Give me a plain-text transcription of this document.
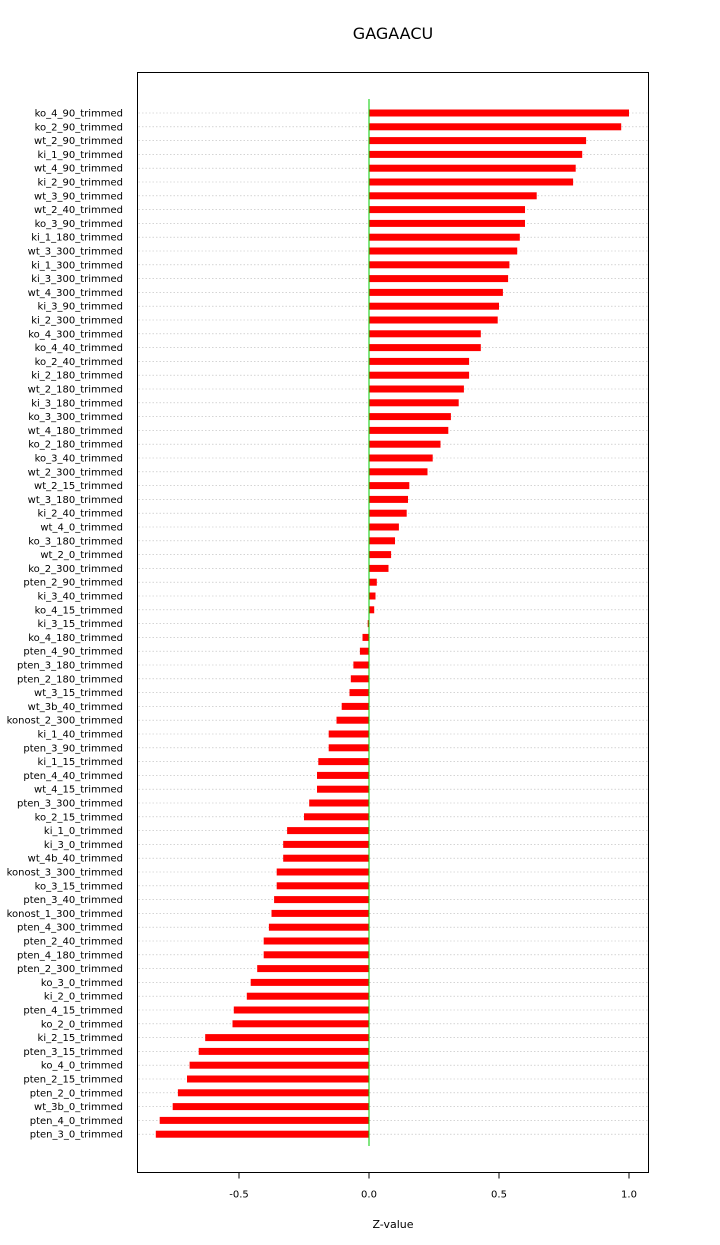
GAGAACU
ko_4_90_trimmed
ko_2_90_trimmed
wt_2_90_trimmed
ki_1_90_trimmed
wt_4_90_trimmed
ki_2_90_trimmed
wt_3_90_trimmed
wt_2_40_trimmed
ko_3_90_trimmed
ki_1_180_trimmed
wt_3_300_trimmed
ki_1_300_trimmed
ki_3_300_trimmed
wt_4_300_trimmed
ki_3_90_trimmed
ki_2_300_trimmed
ko_4_300_trimmed
ko_4_40_trimmed
ko_2_40_trimmed
ki_2_180_trimmed
wt_2_180_trimmed
ki_3_180_trimmed
ko_3_300_trimmed
wt_4_180_trimmed
ko_2_180_trimmed
ko_3_40_trimmed
wt_2_300_trimmed
wt_2_15_trimmed
wt_3_180_trimmed
ki_2_40_trimmed
wt_4_0_trimmed
ko_3_180_trimmed
wt_2_0_trimmed
ko_2_300_trimmed
pten_2_90_trimmed
ki_3_40_trimmed
ko_4_15_trimmed
ki_3_15_trimmed
ko_4_180_trimmed
pten_4_90_trimmed
pten_3_180_trimmed
pten_2_180_trimmed
wt_3_15_trimmed
wt_3b_40_trimmed
konost_2_300_trimmed
ki_1_40_trimmed
pten_3_90_trimmed
ki_1_15_trimmed
pten_4_40_trimmed
wt_4_15_trimmed
pten_3_300_trimmed
ko_2_15_trimmed
ki_1_0_trimmed
ki_3_0_trimmed
wt_4b_40_trimmed
konost_3_300_trimmed
ko_3_15_trimmed
pten_3_40_trimmed
konost_1_300_trimmed
pten_4_300_trimmed
pten_2_40_trimmed
pten_4_180_trimmed
pten_2_300_trimmed
ko_3_0_trimmed
ki_2_0_trimmed
pten_4_15_trimmed
ko_2_0_trimmed
ki_2_15_trimmed
pten_3_15_trimmed
ko_4_0_trimmed
pten_2_15_trimmed
pten_2_0_trimmed
wt_3b_0_trimmed
pten_4_0_trimmed
pten_3_0_trimmed
-0.5	0.0	0.5	1.0
Z-value
